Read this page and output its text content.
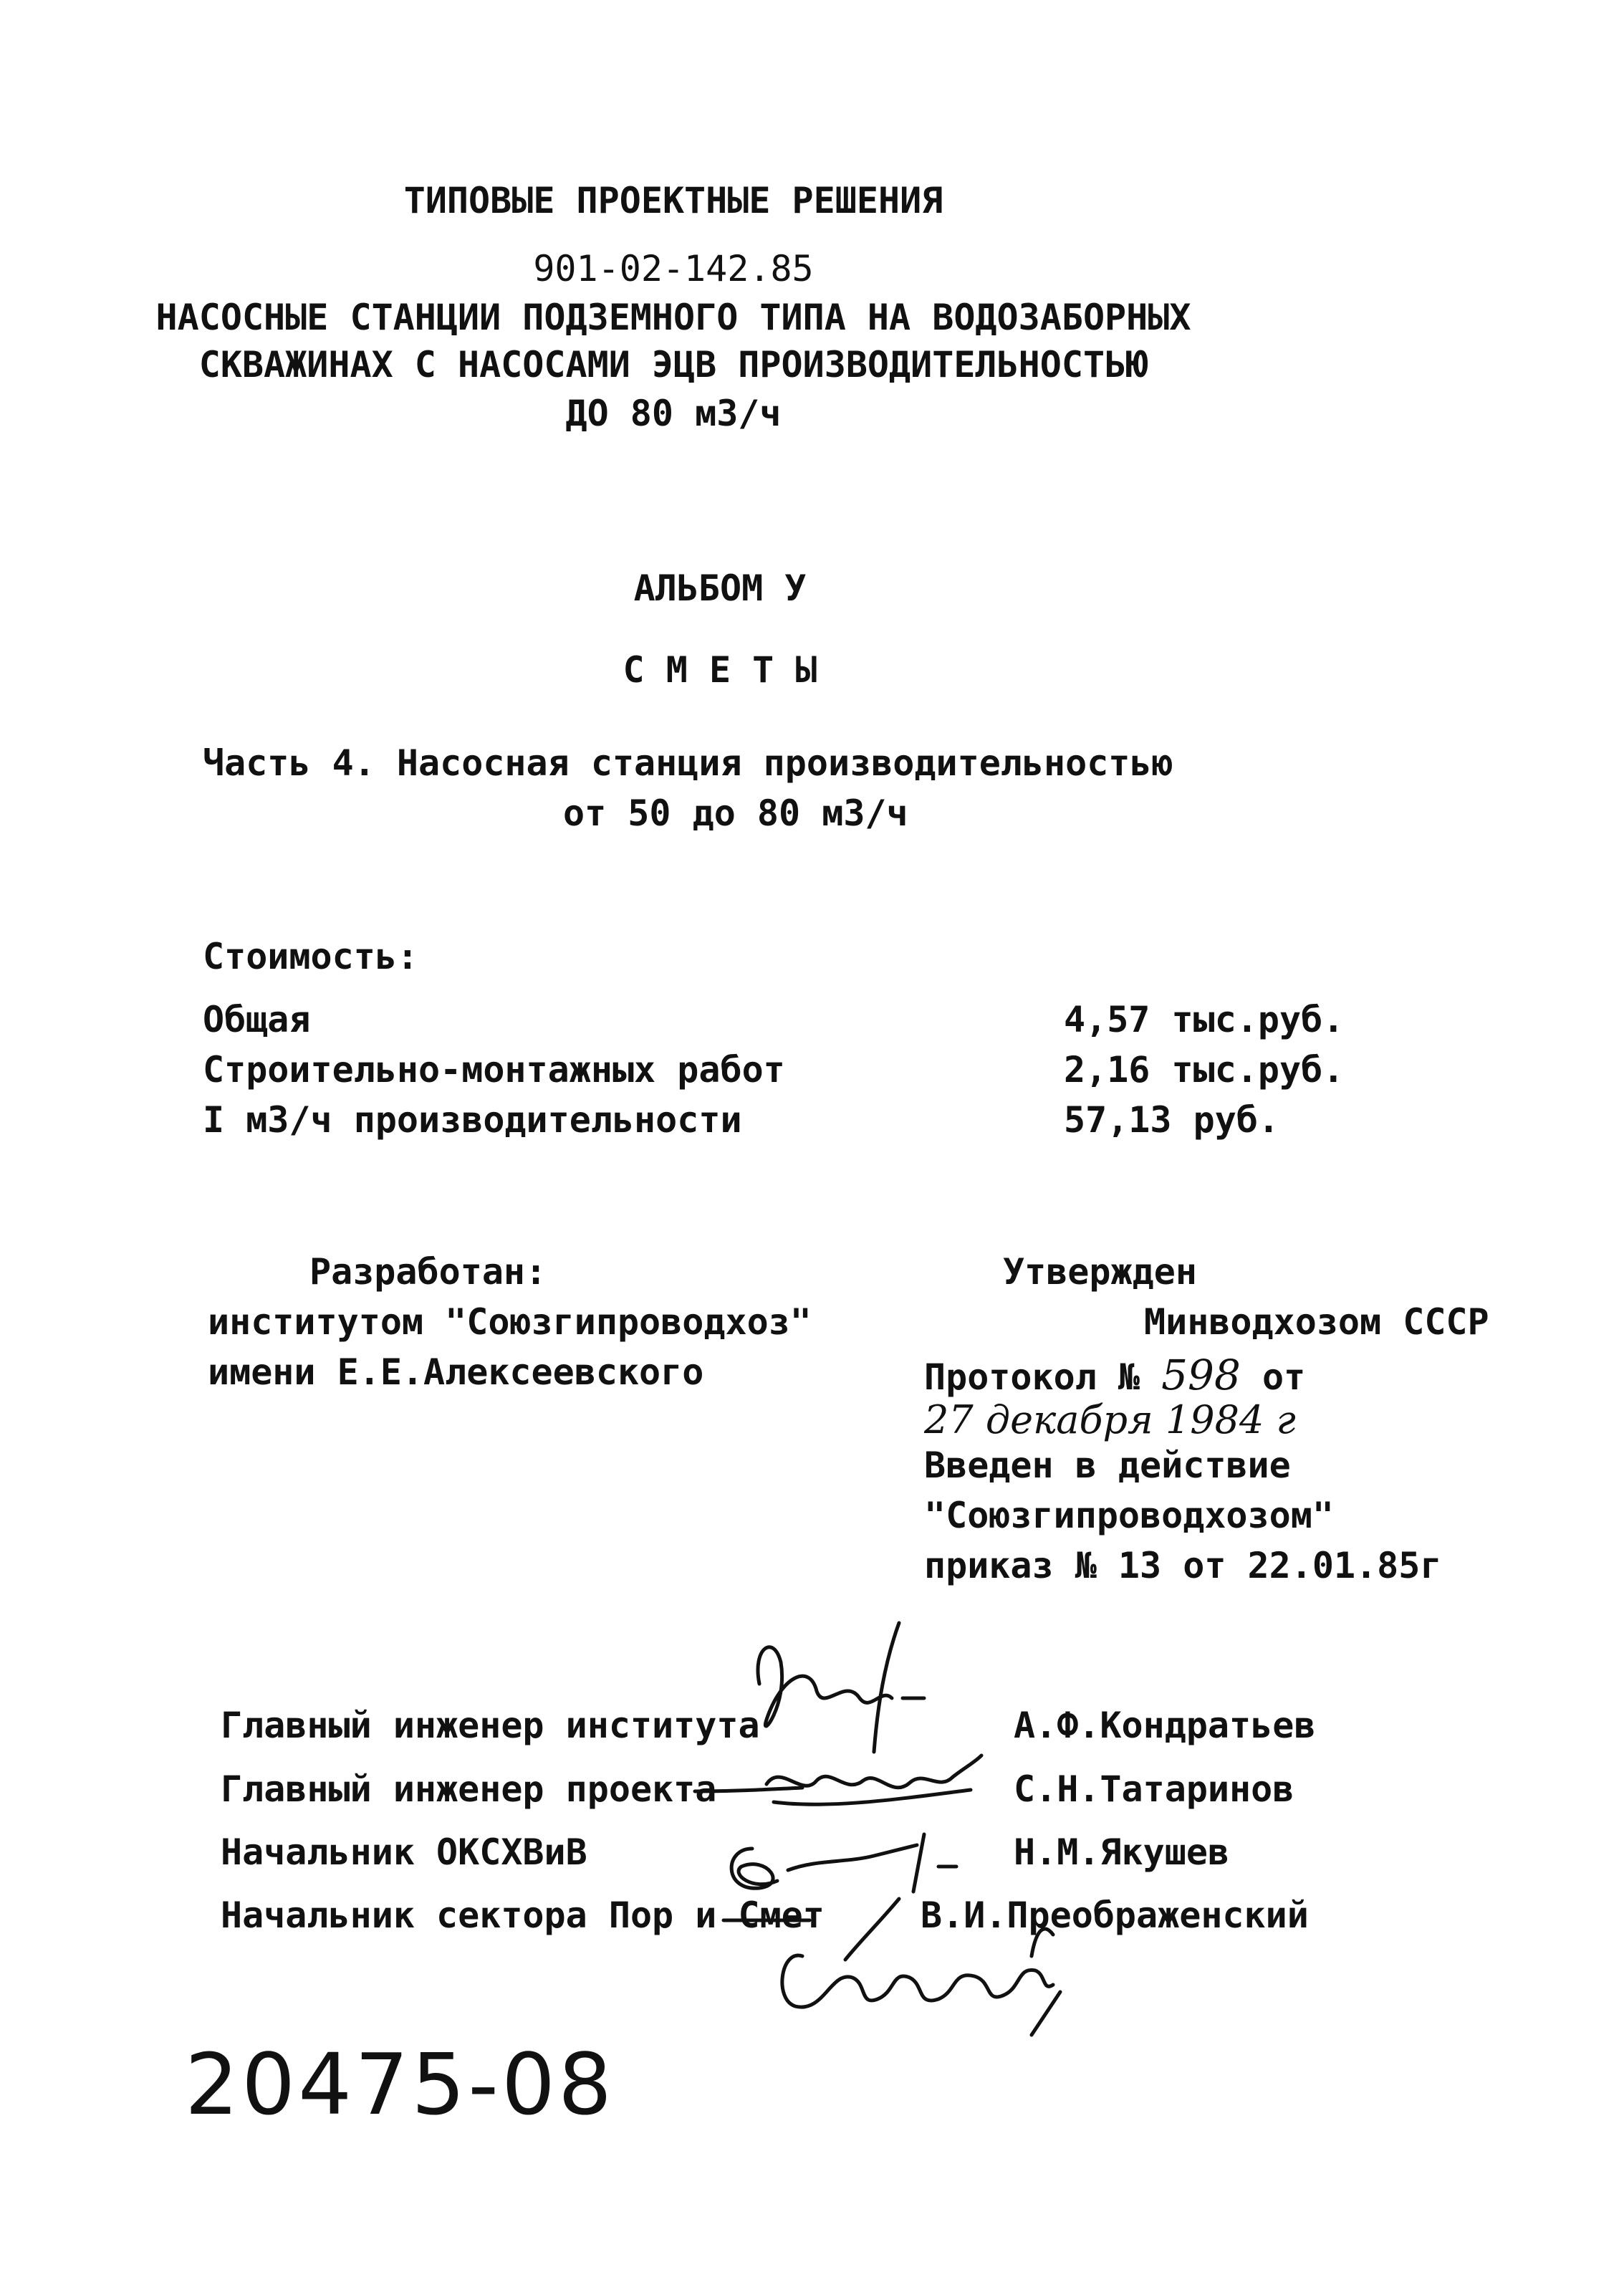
ТИПОВЫЕ ПРОЕКТНЫЕ РЕШЕНИЯ
901-02-142.85
НАСОСНЫЕ СТАНЦИИ ПОДЗЕМНОГО ТИПА НА ВОДОЗАБОРНЫХ
СКВАЖИНАХ С НАСОСАМИ ЭЦВ ПРОИЗВОДИТЕЛЬНОСТЬЮ
ДО 80 м3/ч
АЛЬБОМ У
С М Е Т Ы
Часть 4. Насосная станция производительностью
от 50 до 80 м3/ч
Стоимость:
Общая	4,57 тыс.руб.
Строительно-монтажных работ	2,16 тыс.руб.
I м3/ч производительности	57,13 руб.
Разработан:
институтом "Союзгипроводхоз"
имени Е.Е.Алексеевского
Утвержден
Минводхозом СССР
Протокол № 598 от
27 декабря 1984 г
Введен в действие
"Союзгипроводхозом"
приказ № 13 от 22.01.85г
Главный инженер института	А.Ф.Кондратьев
Главный инженер проекта	С.Н.Татаринов
Начальник ОКСХВиВ	Н.М.Якушев
Начальник сектора Пор и Смет	В.И.Преображенский
20475-08
